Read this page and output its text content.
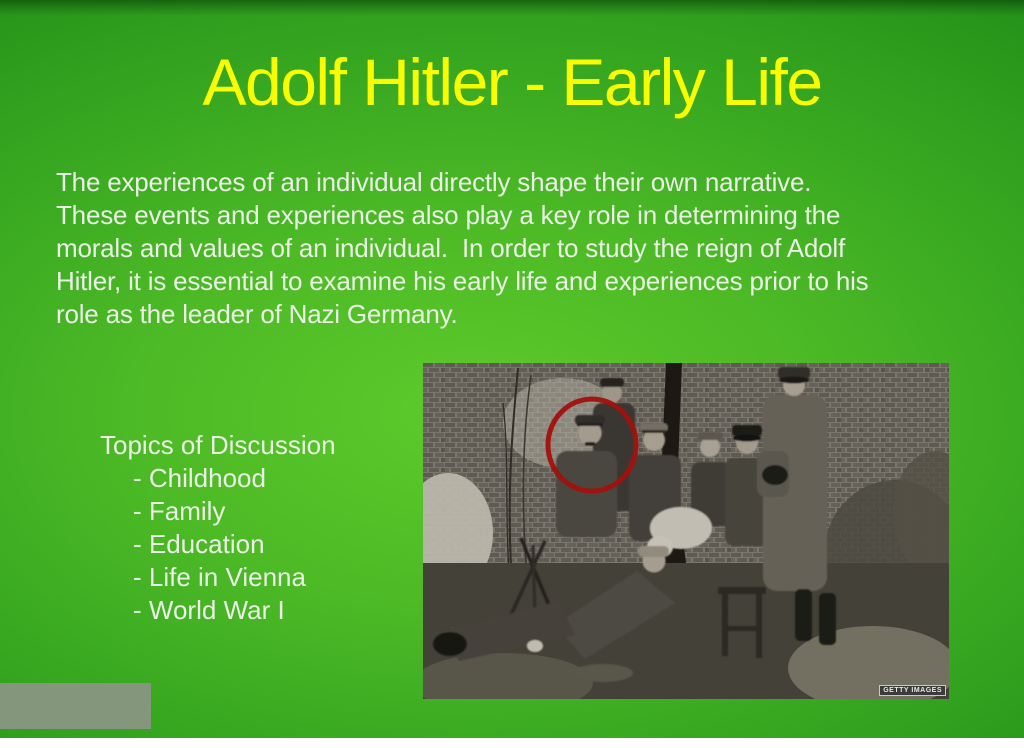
Adolf Hitler - Early Life
The experiences of an individual directly shape their own narrative.
These events and experiences also play a key role in determining the
morals and values of an individual.  In order to study the reign of Adolf
Hitler, it is essential to examine his early life and experiences prior to his
role as the leader of Nazi Germany.
Topics of Discussion
- Childhood
- Family
- Education
- Life in Vienna
- World War I
GETTY IMAGES
